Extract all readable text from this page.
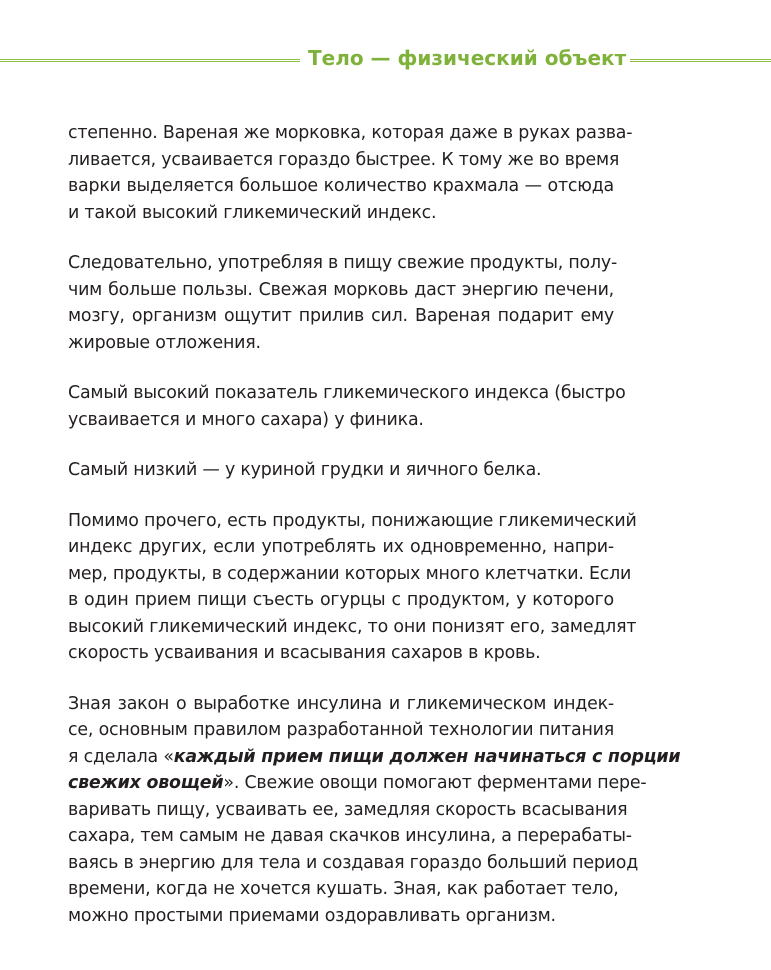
Тело — физический объект

степенно. Вареная же морковка, которая даже в руках разва-
ливается, усваивается гораздо быстрее. К тому же во время
варки выделяется большое количество крахмала — отсюда
и такой высокий гликемический индекс.

Следовательно, употребляя в пищу свежие продукты, полу-
чим больше пользы. Свежая морковь даст энергию печени,
мозгу, организм ощутит прилив сил. Вареная подарит ему
жировые отложения.

Самый высокий показатель гликемического индекса (быстро
усваивается и много сахара) у финика.

Самый низкий — у куриной грудки и яичного белка.

Помимо прочего, есть продукты, понижающие гликемический
индекс других, если употреблять их одновременно, напри-
мер, продукты, в содержании которых много клетчатки. Если
в один прием пищи съесть огурцы с продуктом, у которого
высокий гликемический индекс, то они понизят его, замедлят
скорость усваивания и всасывания сахаров в кровь.

Зная закон о выработке инсулина и гликемическом индек-
се, основным правилом разработанной технологии питания
я сделала «каждый прием пищи должен начинаться с порции
свежих овощей». Свежие овощи помогают ферментами пере-
варивать пищу, усваивать ее, замедляя скорость всасывания
сахара, тем самым не давая скачков инсулина, а перерабаты-
ваясь в энергию для тела и создавая гораздо больший период
времени, когда не хочется кушать. Зная, как работает тело,
можно простыми приемами оздоравливать организм.
